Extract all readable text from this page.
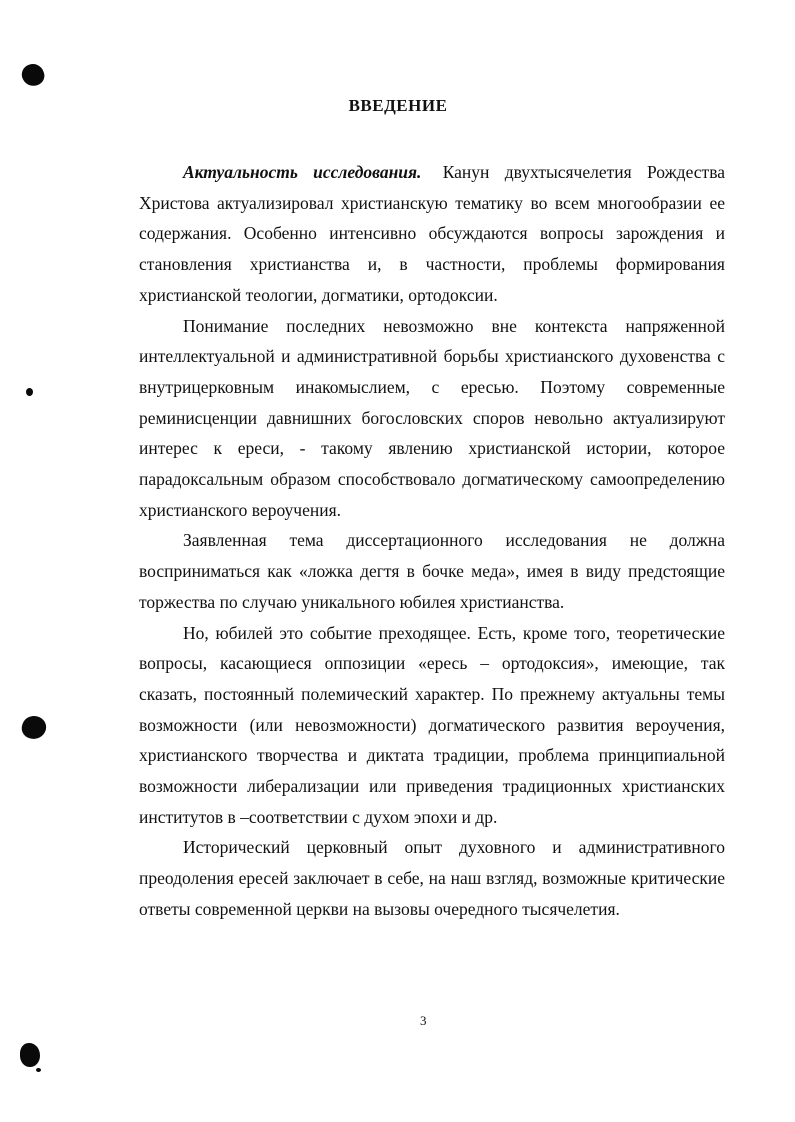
ВВЕДЕНИЕ

Актуальность исследования. Канун двухтысячелетия Рождества Христова актуализировал христианскую тематику во всем многообразии ее содержания. Особенно интенсивно обсуждаются вопросы зарождения и становления христианства и, в частности, проблемы формирования христианской теологии, догматики, ортодоксии.

Понимание последних невозможно вне контекста напряженной интеллектуальной и административной борьбы христианского духовенства с внутрицерковным инакомыслием, с ересью. Поэтому современные реминисценции давнишних богословских споров невольно актуализируют интерес к ереси, - такому явлению христианской истории, которое парадоксальным образом способствовало догматическому самоопределению христианского вероучения.

Заявленная тема диссертационного исследования не должна восприниматься как «ложка дегтя в бочке меда», имея в виду предстоящие торжества по случаю уникального юбилея христианства.

Но, юбилей это событие преходящее. Есть, кроме того, теоретические вопросы, касающиеся оппозиции «ересь – ортодоксия», имеющие, так сказать, постоянный полемический характер. По прежнему актуальны темы возможности (или невозможности) догматического развития вероучения, христианского творчества и диктата традиции, проблема принципиальной возможности либерализации или приведения традиционных христианских институтов в –соответствии с духом эпохи и др.

Исторический церковный опыт духовного и административного преодоления ересей заключает в себе, на наш взгляд, возможные критические ответы современной церкви на вызовы очередного тысячелетия.

3
